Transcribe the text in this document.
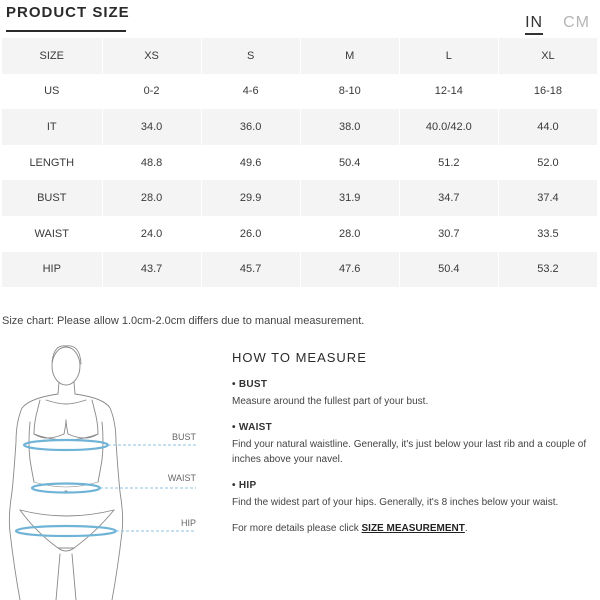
PRODUCT SIZE
IN CM
SIZE	XS	S	M	L	XL
US	0-2	4-6	8-10	12-14	16-18
IT	34.0	36.0	38.0	40.0/42.0	44.0
LENGTH	48.8	49.6	50.4	51.2	52.0
BUST	28.0	29.9	31.9	34.7	37.4
WAIST	24.0	26.0	28.0	30.7	33.5
HIP	43.7	45.7	47.6	50.4	53.2
Size chart: Please allow 1.0cm-2.0cm differs due to manual measurement.
BUST
WAIST
HIP
HOW TO MEASURE
• BUST
Measure around the fullest part of your bust.
• WAIST
Find your natural waistline. Generally, it's just below your last rib and a couple of inches above your navel.
• HIP
Find the widest part of your hips. Generally, it's 8 inches below your waist.
For more details please click SIZE MEASUREMENT.
